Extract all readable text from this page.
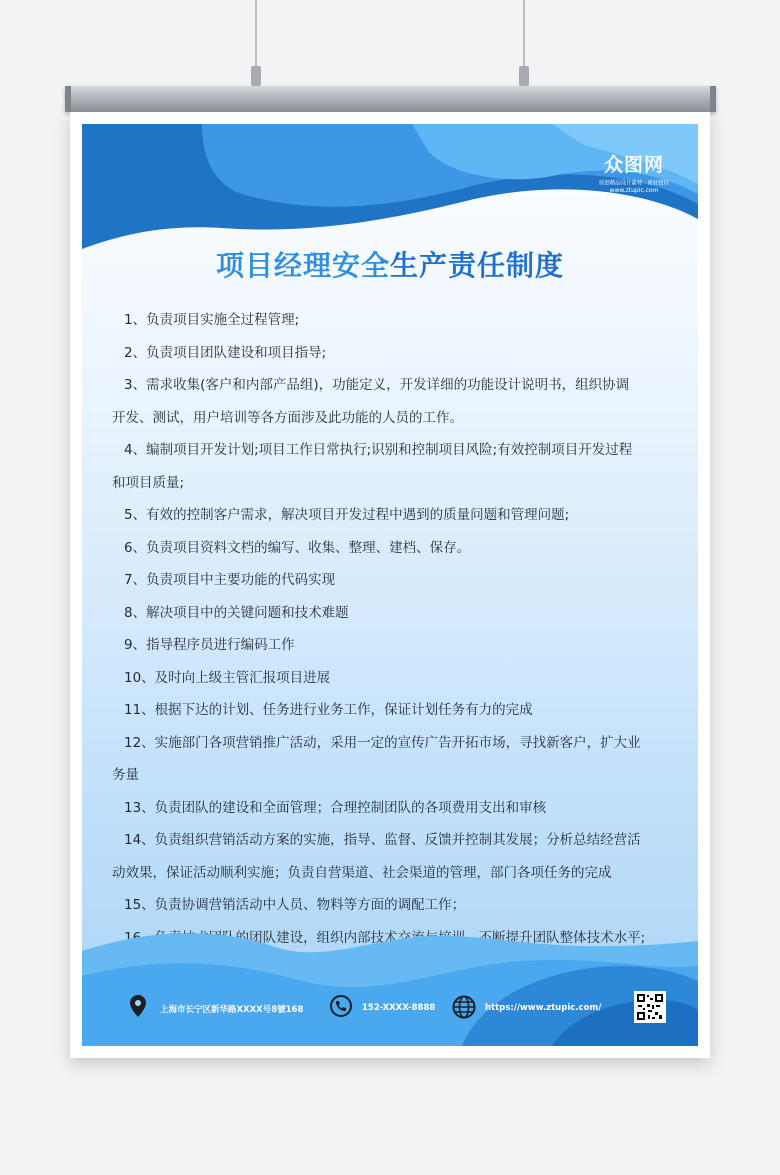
众图网
原创精品设计素材 · 商业授权
www.ztupic.com
项目经理安全生产责任制度

1、负责项目实施全过程管理;

2、负责项目团队建设和项目指导;

3、需求收集(客户和内部产品组)，功能定义，开发详细的功能设计说明书，组织协调
开发、测试，用户培训等各方面涉及此功能的人员的工作。

4、编制项目开发计划;项目工作日常执行;识别和控制项目风险;有效控制项目开发过程
和项目质量;

5、有效的控制客户需求，解决项目开发过程中遇到的质量问题和管理问题;

6、负责项目资料文档的编写、收集、整理、建档、保存。

7、负责项目中主要功能的代码实现

8、解决项目中的关键问题和技术难题

9、指导程序员进行编码工作

10、及时向上级主管汇报项目进展

11、根据下达的计划、任务进行业务工作，保证计划任务有力的完成

12、实施部门各项营销推广活动，采用一定的宣传广告开拓市场，寻找新客户，扩大业
务量

13、负责团队的建设和全面管理；合理控制团队的各项费用支出和审核

14、负责组织营销活动方案的实施，指导、监督、反馈并控制其发展；分析总结经营活
动效果，保证活动顺利实施；负责自营渠道、社会渠道的管理，部门各项任务的完成

15、负责协调营销活动中人员、物料等方面的调配工作；

16、负责技术团队的团队建设，组织内部技术交流与培训，不断提升团队整体技术水平;

上海市长宁区新华路XXXX号8號168	152-XXXX-8888	https://www.ztupic.com/
